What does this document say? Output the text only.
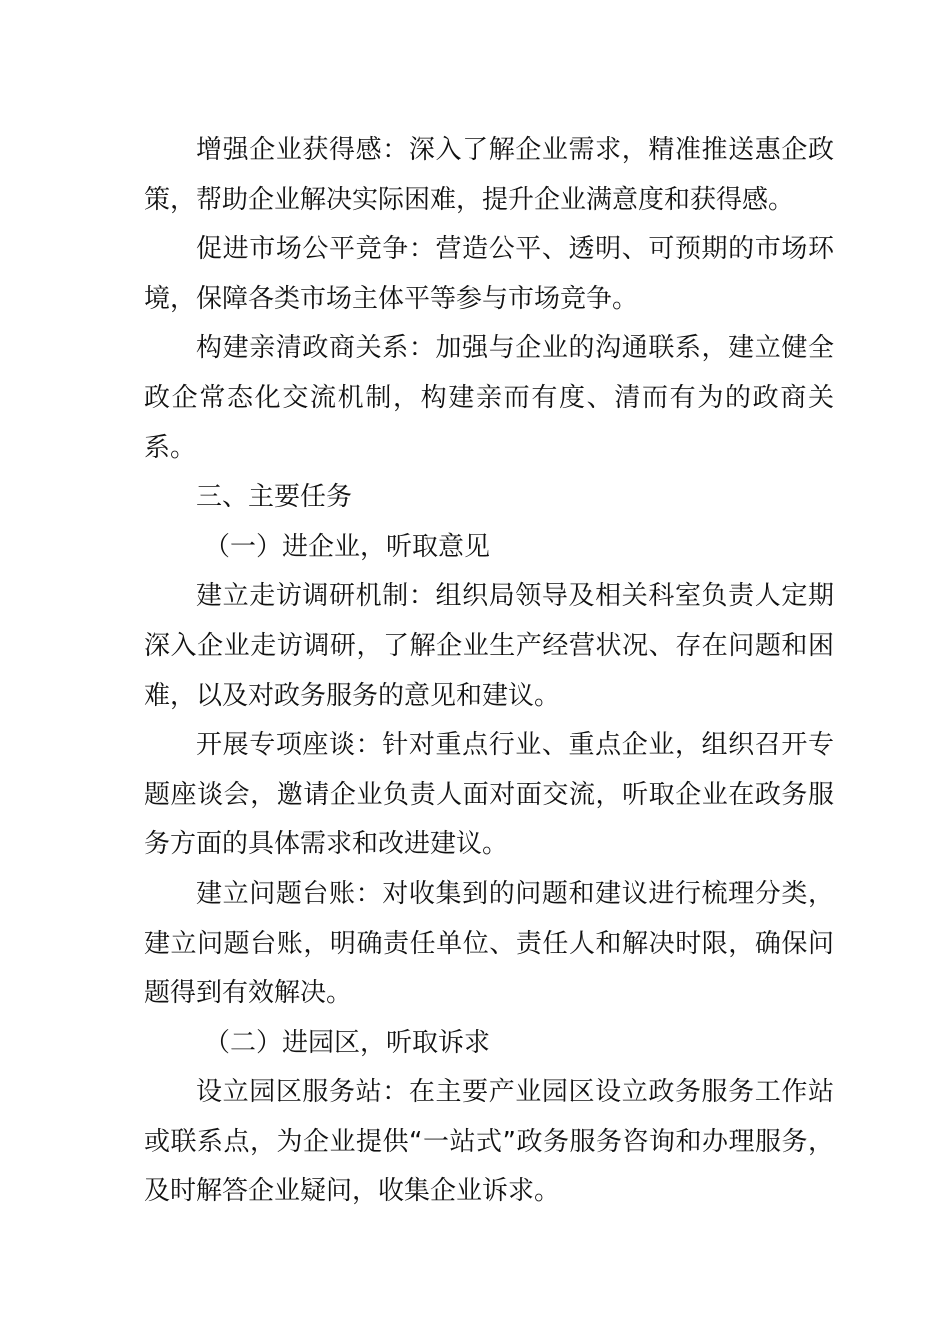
增强企业获得感：深入了解企业需求，精准推送惠企政策，帮助企业解决实际困难，提升企业满意度和获得感。

促进市场公平竞争：营造公平、透明、可预期的市场环境，保障各类市场主体平等参与市场竞争。

构建亲清政商关系：加强与企业的沟通联系，建立健全政企常态化交流机制，构建亲而有度、清而有为的政商关系。

三、主要任务

（一）进企业，听取意见

建立走访调研机制：组织局领导及相关科室负责人定期深入企业走访调研，了解企业生产经营状况、存在问题和困难，以及对政务服务的意见和建议。

开展专项座谈：针对重点行业、重点企业，组织召开专题座谈会，邀请企业负责人面对面交流，听取企业在政务服务方面的具体需求和改进建议。

建立问题台账：对收集到的问题和建议进行梳理分类，建立问题台账，明确责任单位、责任人和解决时限，确保问题得到有效解决。

（二）进园区，听取诉求

设立园区服务站：在主要产业园区设立政务服务工作站或联系点，为企业提供“一站式”政务服务咨询和办理服务，及时解答企业疑问，收集企业诉求。
